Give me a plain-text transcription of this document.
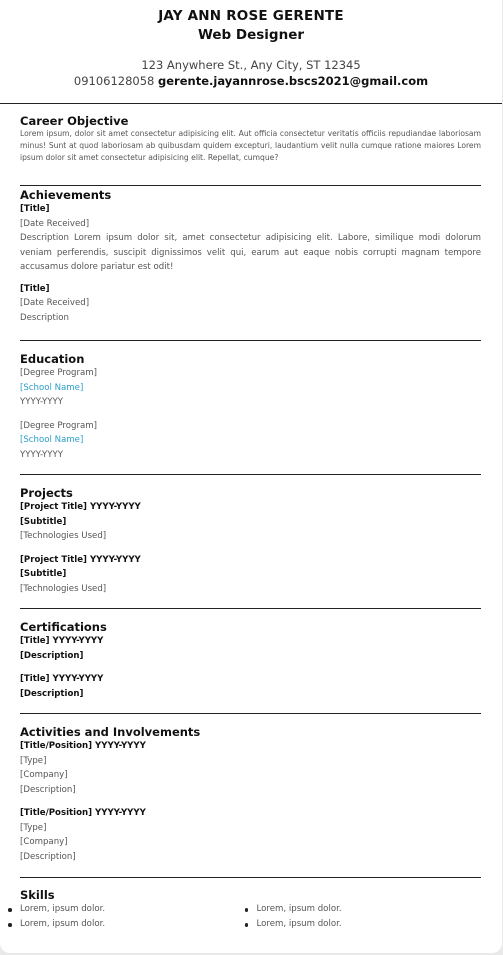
JAY ANN ROSE GERENTE
Web Designer
123 Anywhere St., Any City, ST 12345
09106128058 gerente.jayannrose.bscs2021@gmail.com
Career Objective
Lorem ipsum, dolor sit amet consectetur adipisicing elit. Aut officia consectetur veritatis officiis repudiandae laboriosam minus! Sunt at quod laboriosam ab quibusdam quidem excepturi, laudantium velit nulla cumque ratione maiores Lorem ipsum dolor sit amet consectetur adipisicing elit. Repellat, cumque?
Achievements
[Title]
[Date Received]
Description Lorem ipsum dolor sit, amet consectetur adipisicing elit. Labore, similique modi dolorum veniam perferendis, suscipit dignissimos velit qui, earum aut eaque nobis corrupti magnam tempore accusamus dolore pariatur est odit!
[Title]
[Date Received]
Description
Education
[Degree Program]
[School Name]
YYYY-YYYY
[Degree Program]
[School Name]
YYYY-YYYY
Projects
[Project Title] YYYY-YYYY
[Subtitle]
[Technologies Used]
[Project Title] YYYY-YYYY
[Subtitle]
[Technologies Used]
Certifications
[Title] YYYY-YYYY
[Description]
[Title] YYYY-YYYY
[Description]
Activities and Involvements
[Title/Position] YYYY-YYYY
[Type]
[Company]
[Description]
[Title/Position] YYYY-YYYY
[Type]
[Company]
[Description]
Skills
Lorem, ipsum dolor.
Lorem, ipsum dolor.
Lorem, ipsum dolor.
Lorem, ipsum dolor.
